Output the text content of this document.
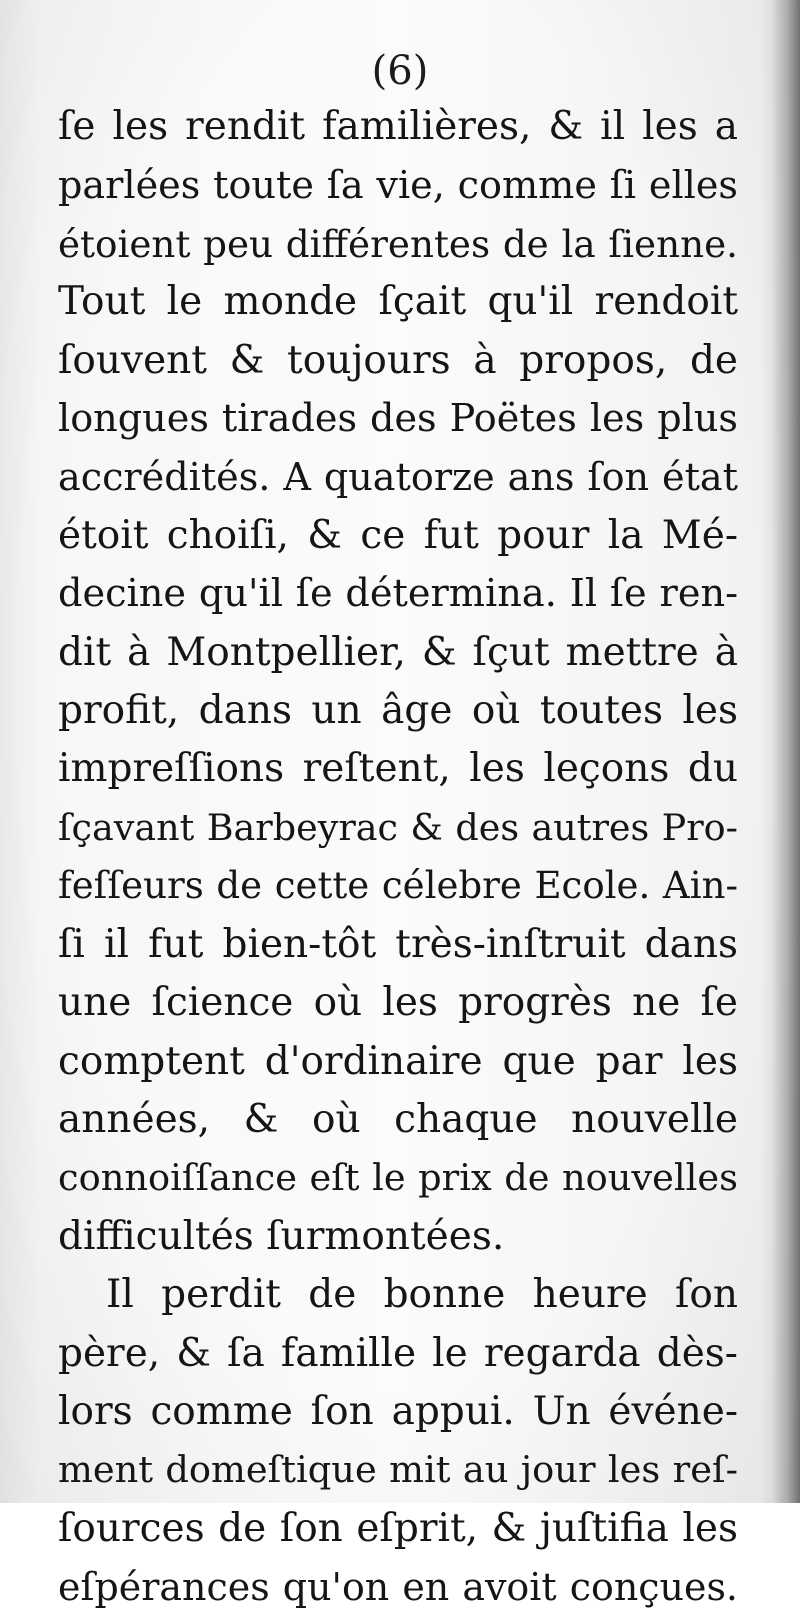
(6)
ſe les rendit familières, & il les a
parlées toute ſa vie, comme ſi elles
étoient peu différentes de la ſienne.
Tout le monde ſçait qu'il rendoit
ſouvent & toujours à propos, de
longues tirades des Poëtes les plus
accrédités. A quatorze ans ſon état
étoit choiſi, & ce fut pour la Mé-
decine qu'il ſe détermina. Il ſe ren-
dit à Montpellier, & ſçut mettre à
profit, dans un âge où toutes les
impreſſions reſtent, les leçons du
ſçavant Barbeyrac & des autres Pro-
feſſeurs de cette célebre Ecole. Ain-
ſi il fut bien-tôt très-inſtruit dans
une ſcience où les progrès ne ſe
comptent d'ordinaire que par les
années, & où chaque nouvelle
connoiſſance eſt le prix de nouvelles
difficultés ſurmontées.
Il perdit de bonne heure ſon
père, & ſa famille le regarda dès-
lors comme ſon appui. Un événe-
ment domeſtique mit au jour les reſ-
ſources de ſon eſprit, & juſtifia les
eſpérances qu'on en avoit conçues.
